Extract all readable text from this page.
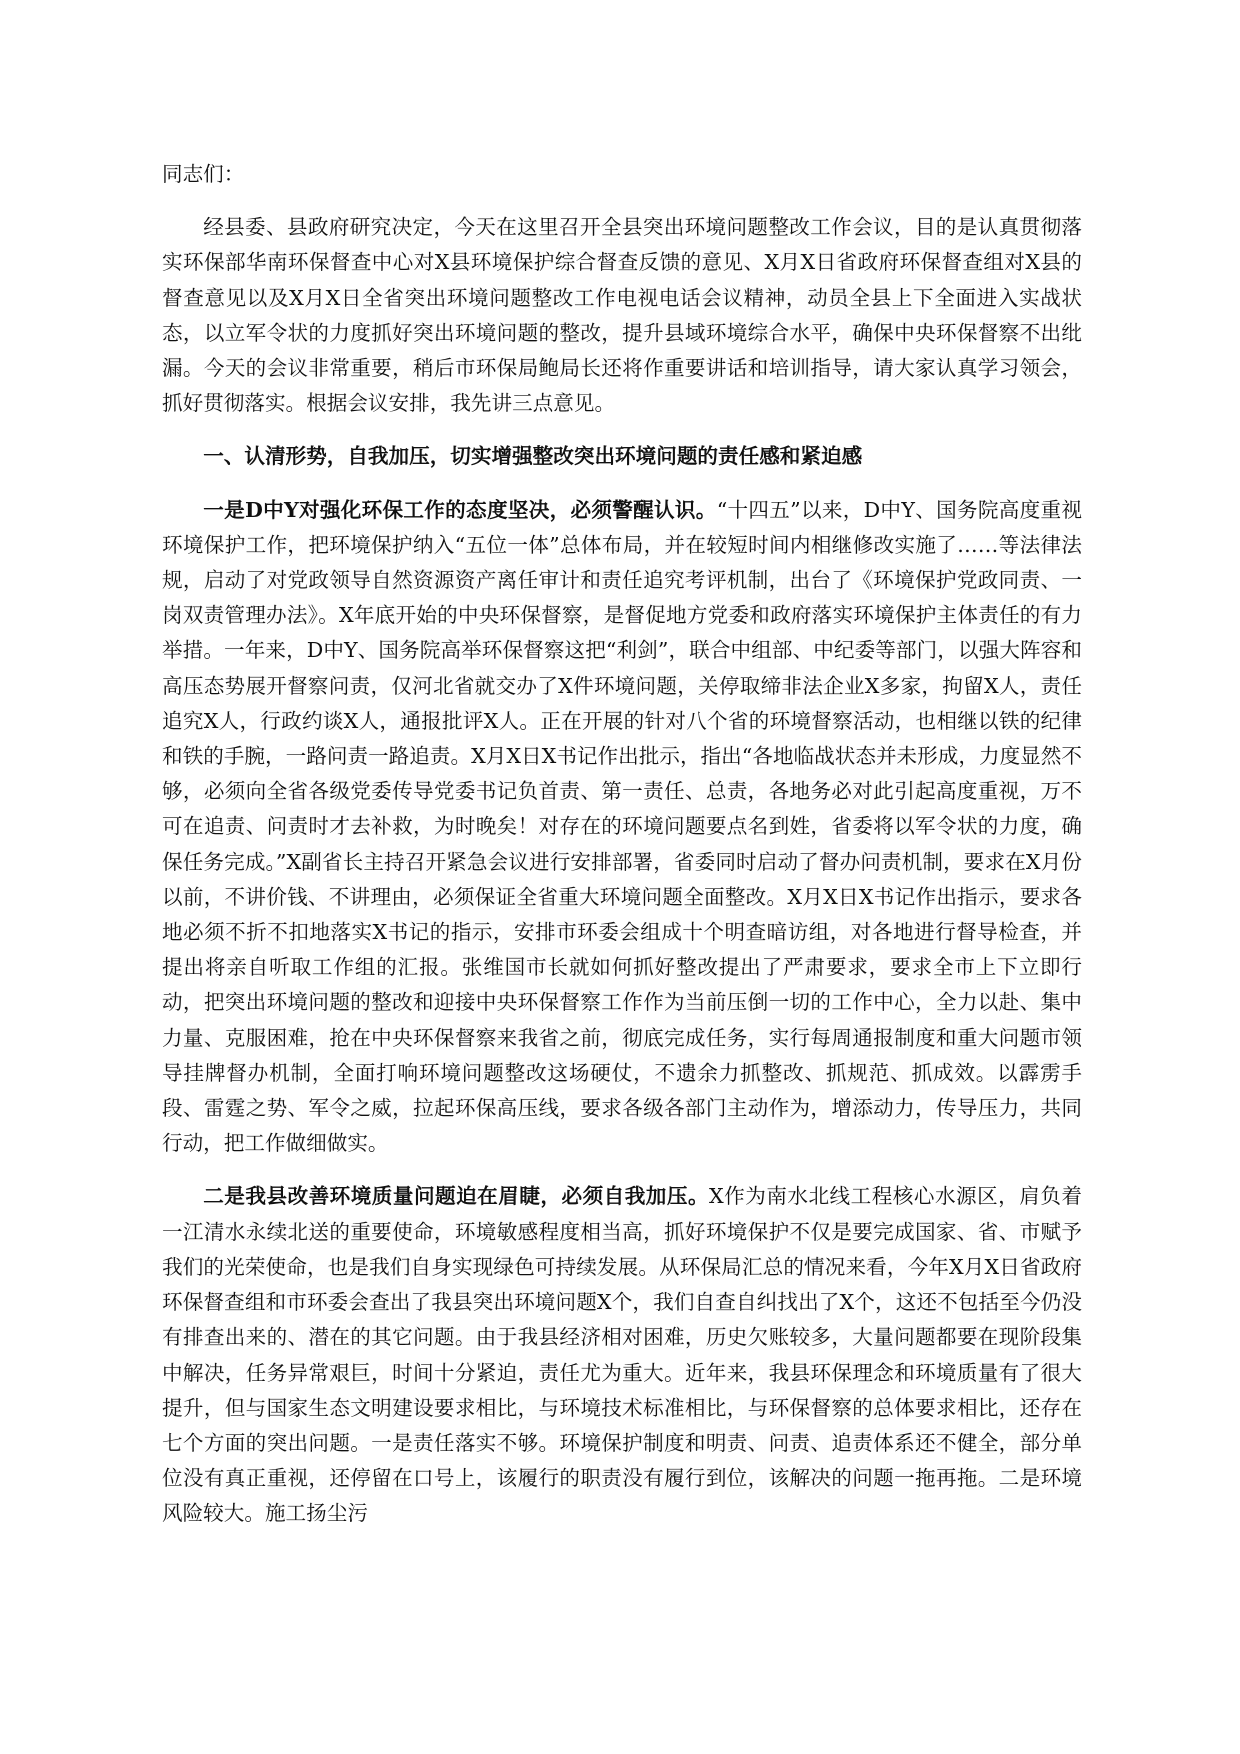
同志们：

经县委、县政府研究决定，今天在这里召开全县突出环境问题整改工作会议，目的是认真贯彻落实环保部华南环保督查中心对X县环境保护综合督查反馈的意见、X月X日省政府环保督查组对X县的督查意见以及X月X日全省突出环境问题整改工作电视电话会议精神，动员全县上下全面进入实战状态，以立军令状的力度抓好突出环境问题的整改，提升县域环境综合水平，确保中央环保督察不出纰漏。今天的会议非常重要，稍后市环保局鲍局长还将作重要讲话和培训指导，请大家认真学习领会，抓好贯彻落实。根据会议安排，我先讲三点意见。

一、认清形势，自我加压，切实增强整改突出环境问题的责任感和紧迫感

一是D中Y对强化环保工作的态度坚决，必须警醒认识。“十四五”以来，D中Y、国务院高度重视环境保护工作，把环境保护纳入“五位一体”总体布局，并在较短时间内相继修改实施了……等法律法规，启动了对党政领导自然资源资产离任审计和责任追究考评机制，出台了《环境保护党政同责、一岗双责管理办法》。X年底开始的中央环保督察，是督促地方党委和政府落实环境保护主体责任的有力举措。一年来，D中Y、国务院高举环保督察这把“利剑”，联合中组部、中纪委等部门，以强大阵容和高压态势展开督察问责，仅河北省就交办了X件环境问题，关停取缔非法企业X多家，拘留X人，责任追究X人，行政约谈X人，通报批评X人。正在开展的针对八个省的环境督察活动，也相继以铁的纪律和铁的手腕，一路问责一路追责。X月X日X书记作出批示，指出“各地临战状态并未形成，力度显然不够，必须向全省各级党委传导党委书记负首责、第一责任、总责，各地务必对此引起高度重视，万不可在追责、问责时才去补救，为时晚矣！对存在的环境问题要点名到姓，省委将以军令状的力度，确保任务完成。”X副省长主持召开紧急会议进行安排部署，省委同时启动了督办问责机制，要求在X月份以前，不讲价钱、不讲理由，必须保证全省重大环境问题全面整改。X月X日X书记作出指示，要求各地必须不折不扣地落实X书记的指示，安排市环委会组成十个明查暗访组，对各地进行督导检查，并提出将亲自听取工作组的汇报。张维国市长就如何抓好整改提出了严肃要求，要求全市上下立即行动，把突出环境问题的整改和迎接中央环保督察工作作为当前压倒一切的工作中心，全力以赴、集中力量、克服困难，抢在中央环保督察来我省之前，彻底完成任务，实行每周通报制度和重大问题市领导挂牌督办机制，全面打响环境问题整改这场硬仗，不遗余力抓整改、抓规范、抓成效。以霹雳手段、雷霆之势、军令之威，拉起环保高压线，要求各级各部门主动作为，增添动力，传导压力，共同行动，把工作做细做实。

二是我县改善环境质量问题迫在眉睫，必须自我加压。X作为南水北线工程核心水源区，肩负着一江清水永续北送的重要使命，环境敏感程度相当高，抓好环境保护不仅是要完成国家、省、市赋予我们的光荣使命，也是我们自身实现绿色可持续发展。从环保局汇总的情况来看，今年X月X日省政府环保督查组和市环委会查出了我县突出环境问题X个，我们自查自纠找出了X个，这还不包括至今仍没有排查出来的、潜在的其它问题。由于我县经济相对困难，历史欠账较多，大量问题都要在现阶段集中解决，任务异常艰巨，时间十分紧迫，责任尤为重大。近年来，我县环保理念和环境质量有了很大提升，但与国家生态文明建设要求相比，与环境技术标准相比，与环保督察的总体要求相比，还存在七个方面的突出问题。一是责任落实不够。环境保护制度和明责、问责、追责体系还不健全，部分单位没有真正重视，还停留在口号上，该履行的职责没有履行到位，该解决的问题一拖再拖。二是环境风险较大。施工扬尘污
